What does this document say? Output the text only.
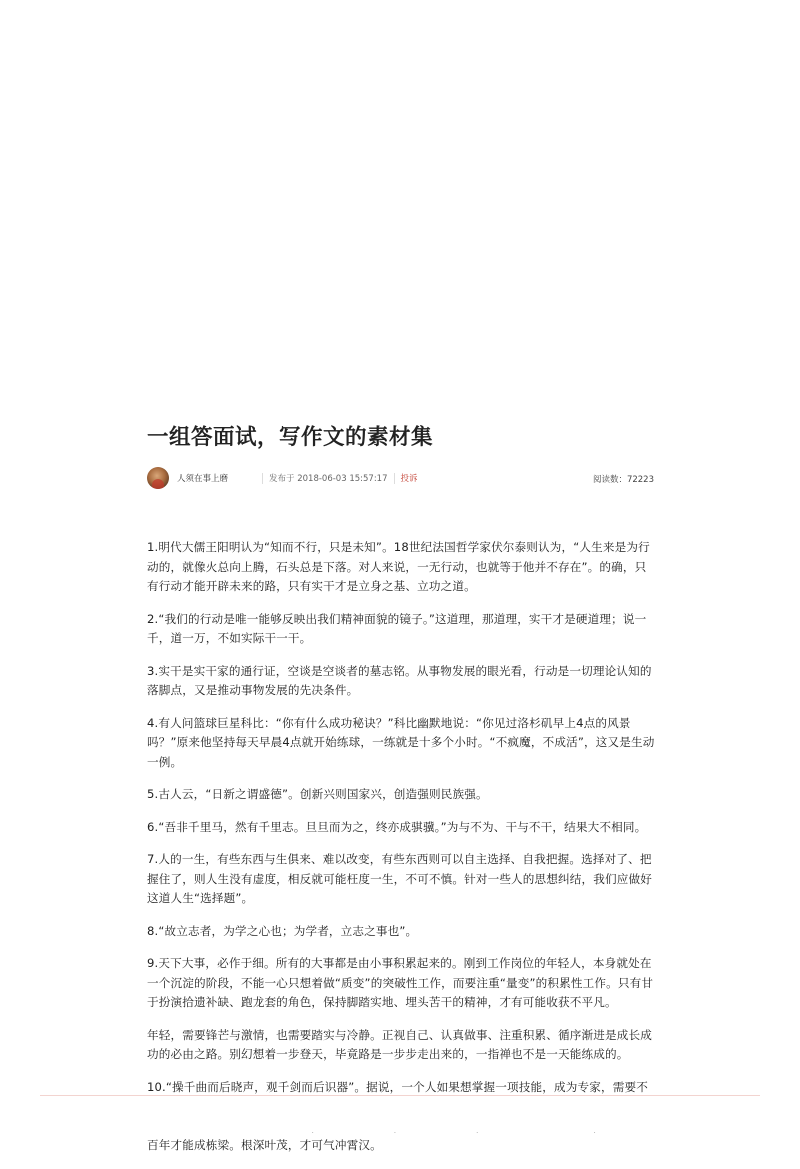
一组答面试，写作文的素材集
人须在事上磨	发布于 2018-06-03 15:57:17 投诉	阅读数：72223

1.明代大儒王阳明认为“知而不行，只是未知”。18世纪法国哲学家伏尔泰则认为，“人生来是为行动的，就像火总向上腾，石头总是下落。对人来说，一无行动，也就等于他并不存在”。的确，只有行动才能开辟未来的路，只有实干才是立身之基、立功之道。

2.“我们的行动是唯一能够反映出我们精神面貌的镜子。”这道理，那道理，实干才是硬道理；说一千，道一万，不如实际干一干。

3.实干是实干家的通行证，空谈是空谈者的墓志铭。从事物发展的眼光看，行动是一切理论认知的落脚点，又是推动事物发展的先决条件。

4.有人问篮球巨星科比：“你有什么成功秘诀？”科比幽默地说：“你见过洛杉矶早上4点的风景吗？”原来他坚持每天早晨4点就开始练球，一练就是十多个小时。“不疯魔，不成活”，这又是生动一例。

5.古人云，“日新之谓盛德”。创新兴则国家兴，创造强则民族强。

6.“吾非千里马，然有千里志。旦旦而为之，终亦成骐骥。”为与不为、干与不干，结果大不相同。

7.人的一生，有些东西与生俱来、难以改变，有些东西则可以自主选择、自我把握。选择对了、把握住了，则人生没有虚度，相反就可能枉度一生，不可不慎。针对一些人的思想纠结，我们应做好这道人生“选择题”。

8.“故立志者，为学之心也；为学者，立志之事也”。

9.天下大事，必作于细。所有的大事都是由小事积累起来的。刚到工作岗位的年轻人，本身就处在一个沉淀的阶段，不能一心只想着做“质变”的突破性工作，而要注重“量变”的积累性工作。只有甘于扮演拾遗补缺、跑龙套的角色，保持脚踏实地、埋头苦干的精神，才有可能收获不平凡。

年轻，需要锋芒与激情，也需要踏实与冷静。正视自己、认真做事、注重积累、循序渐进是成长成功的必由之路。别幻想着一步登天，毕竟路是一步步走出来的，一指禅也不是一天能练成的。

10.“操千曲而后晓声，观千剑而后识器”。据说，一个人如果想掌握一项技能，成为专家，需要不 百年才能成栋梁。根深叶茂，才可气冲霄汉。
